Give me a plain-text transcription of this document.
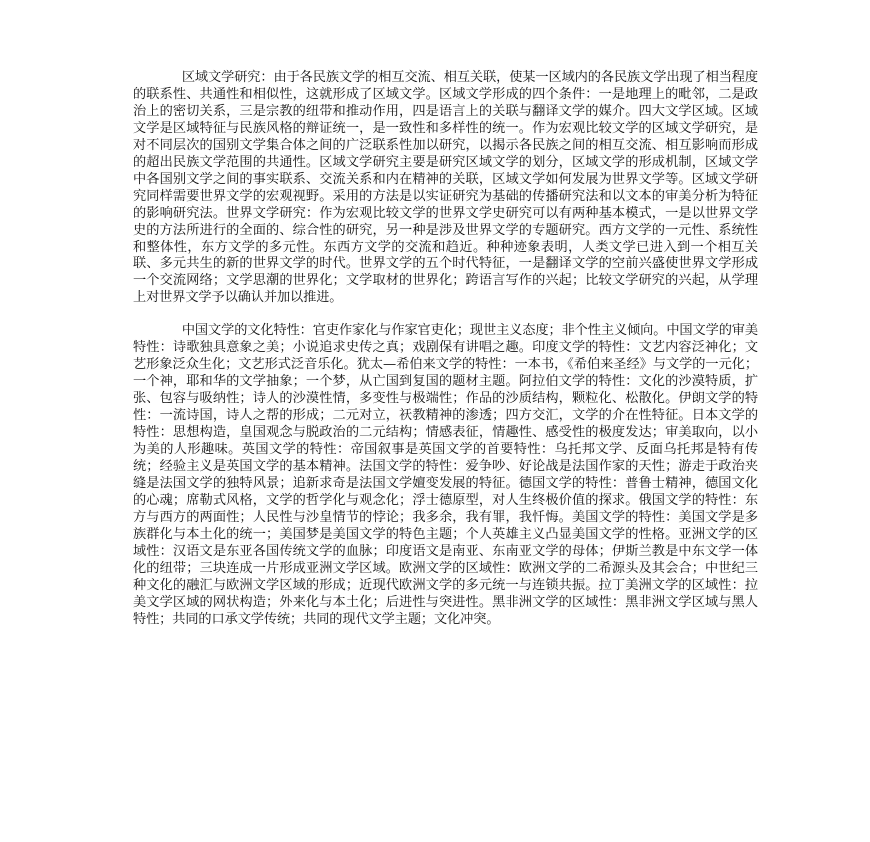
区域文学研究：由于各民族文学的相互交流、相互关联，使某一区域内的各民族文学出现了相当程度的联系性、共通性和相似性，这就形成了区域文学。区域文学形成的四个条件：一是地理上的毗邻，二是政治上的密切关系，三是宗教的纽带和推动作用，四是语言上的关联与翻译文学的媒介。四大文学区域。区域文学是区域特征与民族风格的辩证统一，是一致性和多样性的统一。作为宏观比较文学的区域文学研究，是对不同层次的国别文学集合体之间的广泛联系性加以研究，以揭示各民族之间的相互交流、相互影响而形成的超出民族文学范围的共通性。区域文学研究主要是研究区域文学的划分，区域文学的形成机制，区域文学中各国别文学之间的事实联系、交流关系和内在精神的关联，区域文学如何发展为世界文学等。区域文学研究同样需要世界文学的宏观视野。采用的方法是以实证研究为基础的传播研究法和以文本的审美分析为特征的影响研究法。世界文学研究：作为宏观比较文学的世界文学史研究可以有两种基本模式，一是以世界文学史的方法所进行的全面的、综合性的研究，另一种是涉及世界文学的专题研究。西方文学的一元性、系统性和整体性，东方文学的多元性。东西方文学的交流和趋近。种种迹象表明，人类文学已进入到一个相互关联、多元共生的新的世界文学的时代。世界文学的五个时代特征，一是翻译文学的空前兴盛使世界文学形成一个交流网络；文学思潮的世界化；文学取材的世界化；跨语言写作的兴起；比较文学研究的兴起，从学理上对世界文学予以确认并加以推进。

中国文学的文化特性：官吏作家化与作家官吏化；现世主义态度；非个性主义倾向。中国文学的审美特性：诗歌独具意象之美；小说追求史传之真；戏剧保有讲唱之趣。印度文学的特性：文艺内容泛神化；文艺形象泛众生化；文艺形式泛音乐化。犹太—希伯来文学的特性：一本书，《希伯来圣经》与文学的一元化；一个神，耶和华的文学抽象；一个梦，从亡国到复国的题材主题。阿拉伯文学的特性：文化的沙漠特质，扩张、包容与吸纳性；诗人的沙漠性情，多变性与极端性；作品的沙质结构，颗粒化、松散化。伊朗文学的特性：一流诗国，诗人之帮的形成；二元对立，祆教精神的渗透；四方交汇，文学的介在性特征。日本文学的特性：思想构造，皇国观念与脱政治的二元结构；情感表征，情趣性、感受性的极度发达；审美取向，以小为美的人形趣味。英国文学的特性：帝国叙事是英国文学的首要特性：乌托邦文学、反面乌托邦是特有传统；经验主义是英国文学的基本精神。法国文学的特性：爱争吵、好论战是法国作家的天性；游走于政治夹缝是法国文学的独特风景；追新求奇是法国文学嬗变发展的特征。德国文学的特性：普鲁士精神，德国文化的心魂；席勒式风格，文学的哲学化与观念化；浮士德原型，对人生终极价值的探求。俄国文学的特性：东方与西方的两面性；人民性与沙皇情节的悖论；我多余，我有罪，我忏悔。美国文学的特性：美国文学是多族群化与本土化的统一；美国梦是美国文学的特色主题；个人英雄主义凸显美国文学的性格。亚洲文学的区域性：汉语文是东亚各国传统文学的血脉；印度语文是南亚、东南亚文学的母体；伊斯兰教是中东文学一体化的纽带；三块连成一片形成亚洲文学区域。欧洲文学的区域性：欧洲文学的二希源头及其会合；中世纪三种文化的融汇与欧洲文学区域的形成；近现代欧洲文学的多元统一与连锁共振。拉丁美洲文学的区域性：拉美文学区域的网状构造；外来化与本土化；后进性与突进性。黑非洲文学的区域性：黑非洲文学区域与黑人特性；共同的口承文学传统；共同的现代文学主题；文化冲突。
